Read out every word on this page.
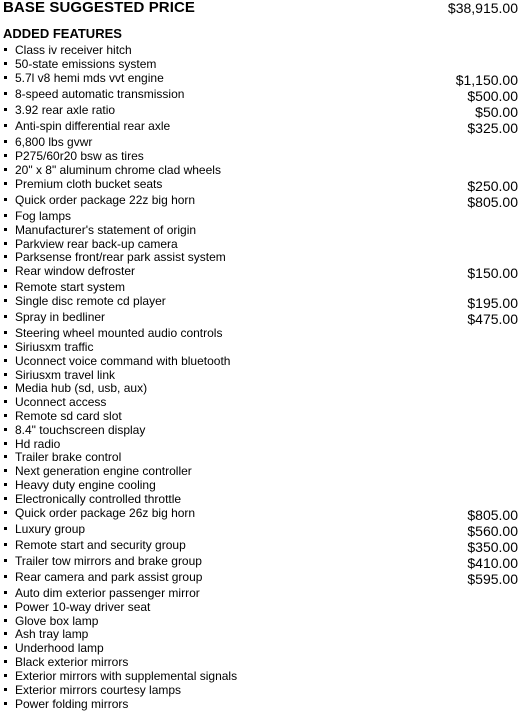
BASE SUGGESTED PRICE	$38,915.00
ADDED FEATURES
Class iv receiver hitch
50-state emissions system
5.7l v8 hemi mds vvt engine	$1,150.00
8-speed automatic transmission	$500.00
3.92 rear axle ratio	$50.00
Anti-spin differential rear axle	$325.00
6,800 lbs gvwr
P275/60r20 bsw as tires
20" x 8" aluminum chrome clad wheels
Premium cloth bucket seats	$250.00
Quick order package 22z big horn	$805.00
Fog lamps
Manufacturer's statement of origin
Parkview rear back-up camera
Parksense front/rear park assist system
Rear window defroster	$150.00
Remote start system
Single disc remote cd player	$195.00
Spray in bedliner	$475.00
Steering wheel mounted audio controls
Siriusxm traffic
Uconnect voice command with bluetooth
Siriusxm travel link
Media hub (sd, usb, aux)
Uconnect access
Remote sd card slot
8.4" touchscreen display
Hd radio
Trailer brake control
Next generation engine controller
Heavy duty engine cooling
Electronically controlled throttle
Quick order package 26z big horn	$805.00
Luxury group	$560.00
Remote start and security group	$350.00
Trailer tow mirrors and brake group	$410.00
Rear camera and park assist group	$595.00
Auto dim exterior passenger mirror
Power 10-way driver seat
Glove box lamp
Ash tray lamp
Underhood lamp
Black exterior mirrors
Exterior mirrors with supplemental signals
Exterior mirrors courtesy lamps
Power folding mirrors
